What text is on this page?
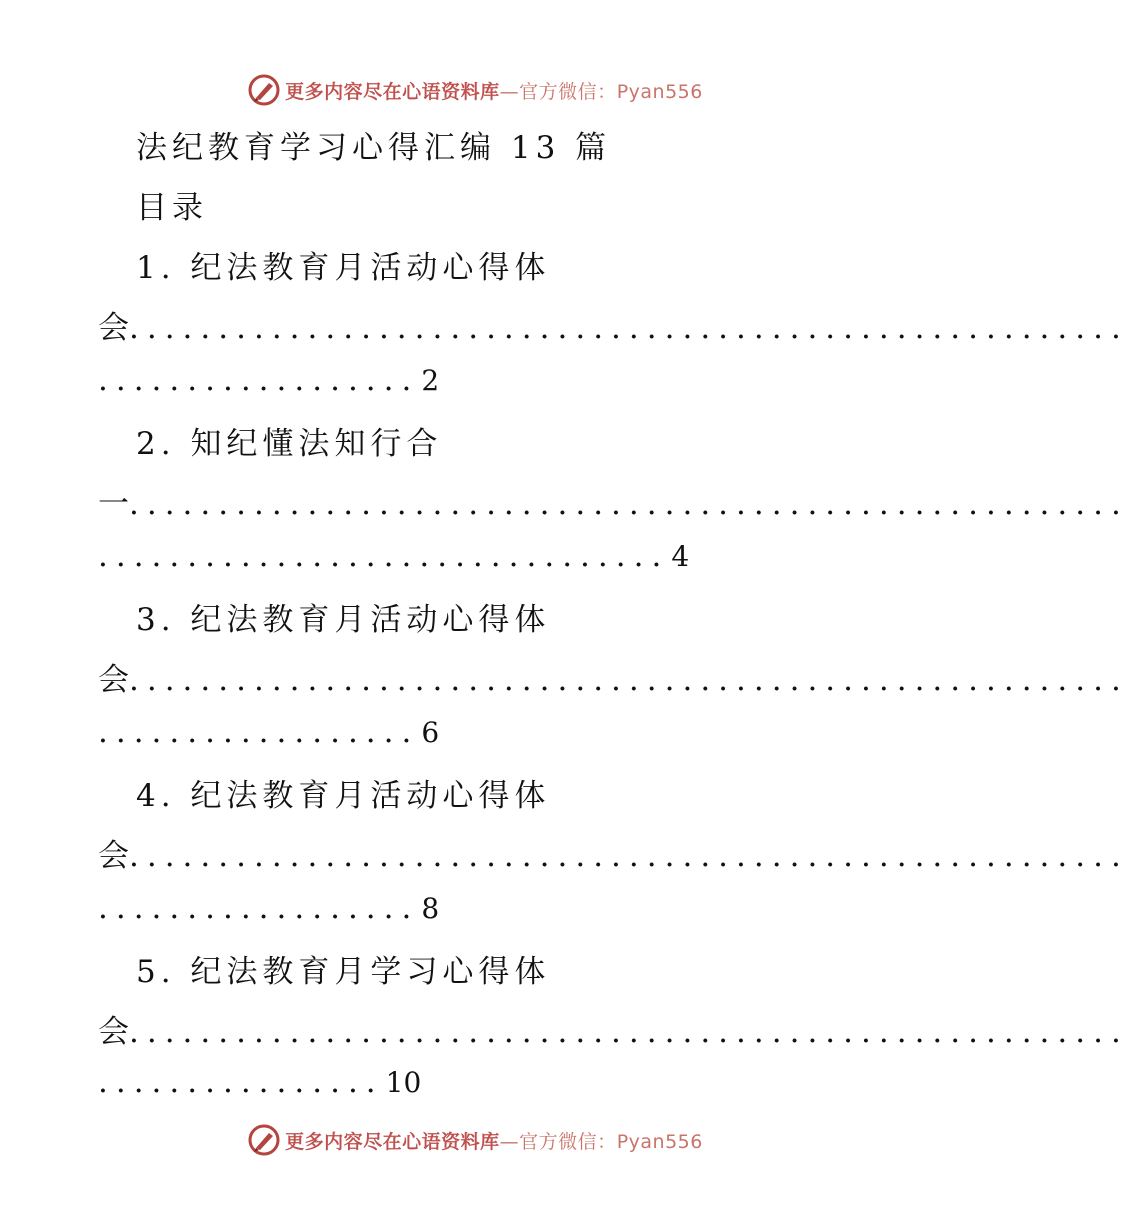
更多内容尽在心语资料库—官方微信：Pyan556
法纪教育学习心得汇编 13 篇
目录
1. 纪法教育月活动心得体
会........................................................
..................2
2. 知纪懂法知行合
一........................................................
................................4
3. 纪法教育月活动心得体
会........................................................
..................6
4. 纪法教育月活动心得体
会........................................................
..................8
5. 纪法教育月学习心得体
会........................................................
................10
更多内容尽在心语资料库—官方微信：Pyan556
